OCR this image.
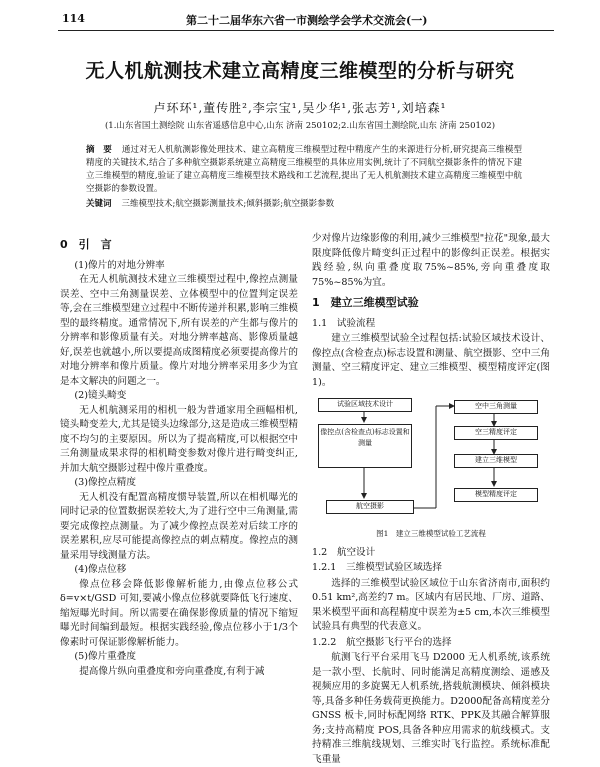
114	第二十二届华东六省一市测绘学会学术交流会(一)
无人机航测技术建立高精度三维模型的分析与研究
卢环环¹,董传胜²,李宗宝¹,吴少华¹,张志芳¹,刘培森¹
(1.山东省国土测绘院 山东省遥感信息中心,山东 济南 250102;2.山东省国土测绘院,山东 济南 250102)
摘　要 通过对无人机航测影像处理技术、建立高精度三维模型过程中精度产生的来源进行分析,研究提高三维模型精度的关键技术,结合了多种航空摄影系统建立高精度三维模型的具体应用实例,统计了不同航空摄影条件的情况下建立三维模型的精度,验证了建立高精度三维模型技术路线和工艺流程,提出了无人机航测技术建立高精度三维模型中航空摄影的参数设置。
关键词 三维模型技术;航空摄影测量技术;倾斜摄影;航空摄影参数
0　引　言
(1)像片的对地分辨率

在无人机航测技术建立三维模型过程中,像控点测量误差、空中三角测量误差、立体模型中的位置判定误差等,会在三维模型建立过程中不断传递并积累,影响三维模型的最终精度。通常情况下,所有误差的产生都与像片的分辨率和影像质量有关。对地分辨率越高、影像质量越好,误差也就越小,所以要提高成图精度必须要提高像片的对地分辨率和像片质量。像片对地分辨率采用多少为宜是本文解决的问题之一。

(2)镜头畸变

无人机航测采用的相机一般为普通家用全画幅相机,镜头畸变差大,尤其是镜头边缘部分,这是造成三维模型精度不均匀的主要原因。所以为了提高精度,可以根据空中三角测量成果求得的相机畸变参数对像片进行畸变纠正,并加大航空摄影过程中像片重叠度。

(3)像控点精度

无人机没有配置高精度惯导装置,所以在相机曝光的同时记录的位置数据误差较大,为了进行空中三角测量,需要完成像控点测量。为了减少像控点误差对后续工序的误差累积,应尽可能提高像控点的刺点精度。像控点的测量采用导线测量方法。

(4)像点位移

像点位移会降低影像解析能力,由像点位移公式 δ=v×t/GSD 可知,要减小像点位移就要降低飞行速度、缩短曝光时间。所以需要在确保影像质量的情况下缩短曝光时间编到最短。根据实践经验,像点位移小于1/3个像素时可保证影像解析能力。

(5)像片重叠度

提高像片纵向重叠度和旁向重叠度,有利于减

少对像片边缘影像的利用,减少三维模型"拉花"现象,最大限度降低像片畸变纠正过程中的影像纠正误差。根据实践经验,纵向重叠度取75%~85%,旁向重叠度取75%~85%为宜。

1　建立三维模型试验
1.1　试验流程

建立三维模型试验全过程包括:试验区域技术设计、像控点(含检查点)标志设置和测量、航空摄影、空中三角测量、空三精度评定、建立三维模型、模型精度评定(图1)。

试验区域技术设计	空中三角测量
像控点(含检查点)标志设置和测量
空三精度评定
建立三维模型
航空摄影
模型精度评定
图1　建立三维模型试验工艺流程
1.2　航空设计
1.2.1　三维模型试验区域选择

选择的三维模型试验区域位于山东省济南市,面积约0.51 km²,高差约7 m。区域内有居民地、厂房、道路、果米模型平面和高程精度中误差为±5 cm,本次三维模型试验具有典型的代表意义。

1.2.2　航空摄影飞行平台的选择

航测飞行平台采用飞马 D2000 无人机系统,该系统是一款小型、长航时、同时能满足高精度测绘、遥感及视频应用的多旋翼无人机系统,搭载航测模块、倾斜模块等,具备多种任务载荷更换能力。D2000配备高精度差分 GNSS 板卡,同时标配网络 RTK、PPK及其融合解算服务;支持高精度 POS,具备各种应用需求的航线模式。支持精准三维航线规划、三维实时飞行监控。系统标准配飞重量
